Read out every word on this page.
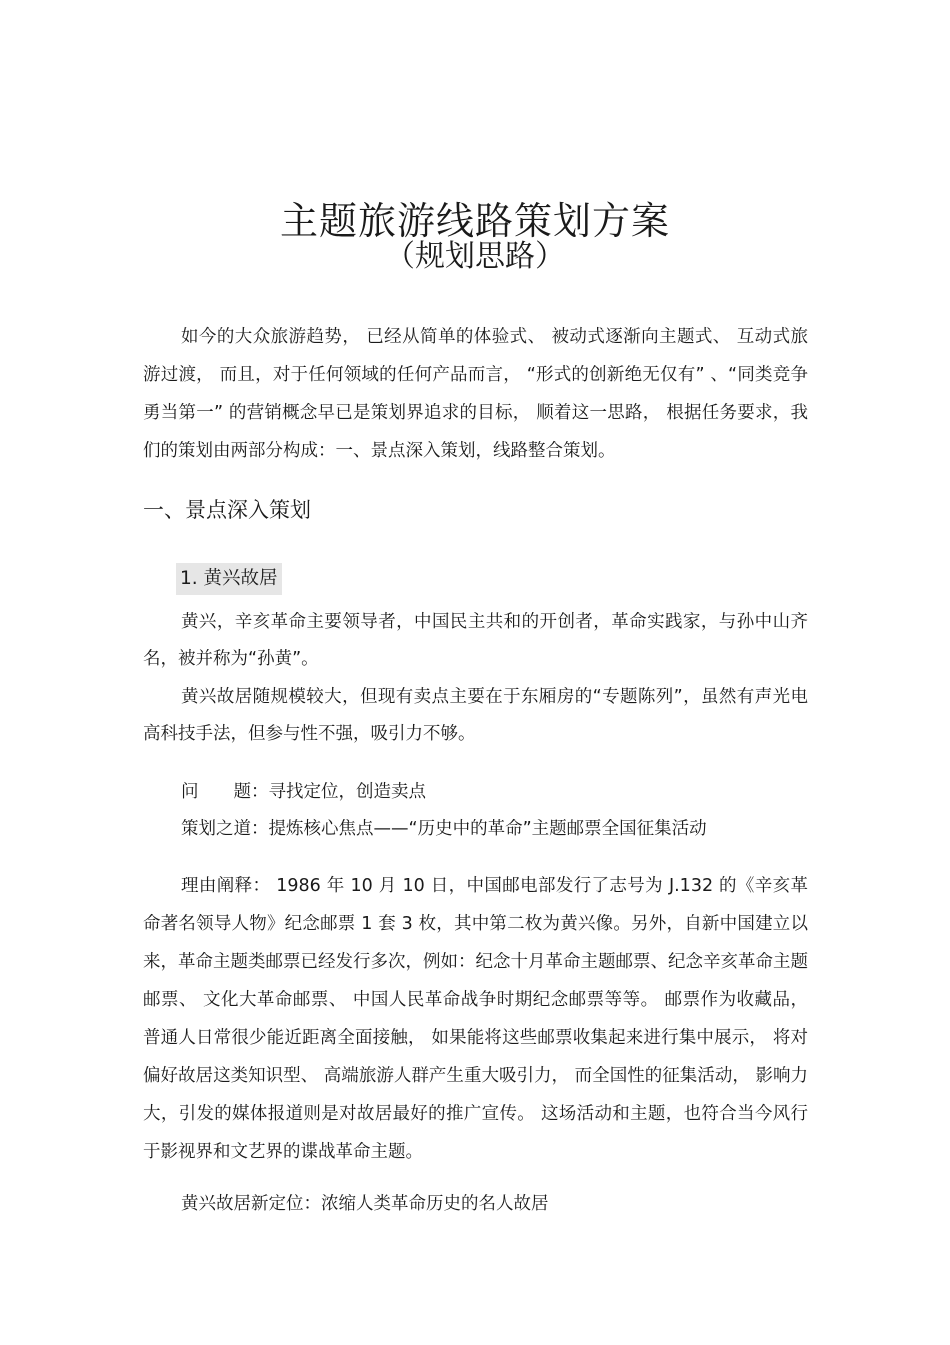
主题旅游线路策划方案
（规划思路）

如今的大众旅游趋势， 已经从简单的体验式、 被动式逐渐向主题式、 互动式旅游过渡， 而且，对于任何领域的任何产品而言， “形式的创新绝无仅有” 、“同类竞争勇当第一” 的营销概念早已是策划界追求的目标， 顺着这一思路， 根据任务要求，我们的策划由两部分构成：一、景点深入策划，线路整合策划。

一、景点深入策划
1. 黄兴故居

黄兴，辛亥革命主要领导者，中国民主共和的开创者，革命实践家，与孙中山齐名，被并称为“孙黄”。

黄兴故居随规模较大，但现有卖点主要在于东厢房的“专题陈列”，虽然有声光电高科技手法，但参与性不强，吸引力不够。

问　　题：寻找定位，创造卖点
策划之道：提炼核心焦点——“历史中的革命”主题邮票全国征集活动

理由阐释： 1986 年 10 月 10 日，中国邮电部发行了志号为 J.132 的《辛亥革命著名领导人物》纪念邮票 1 套 3 枚，其中第二枚为黄兴像。另外，自新中国建立以来，革命主题类邮票已经发行多次，例如：纪念十月革命主题邮票、纪念辛亥革命主题邮票、 文化大革命邮票、 中国人民革命战争时期纪念邮票等等。 邮票作为收藏品， 普通人日常很少能近距离全面接触， 如果能将这些邮票收集起来进行集中展示， 将对偏好故居这类知识型、 高端旅游人群产生重大吸引力， 而全国性的征集活动， 影响力大，引发的媒体报道则是对故居最好的推广宣传。 这场活动和主题，也符合当今风行于影视界和文艺界的谍战革命主题。

黄兴故居新定位：浓缩人类革命历史的名人故居
